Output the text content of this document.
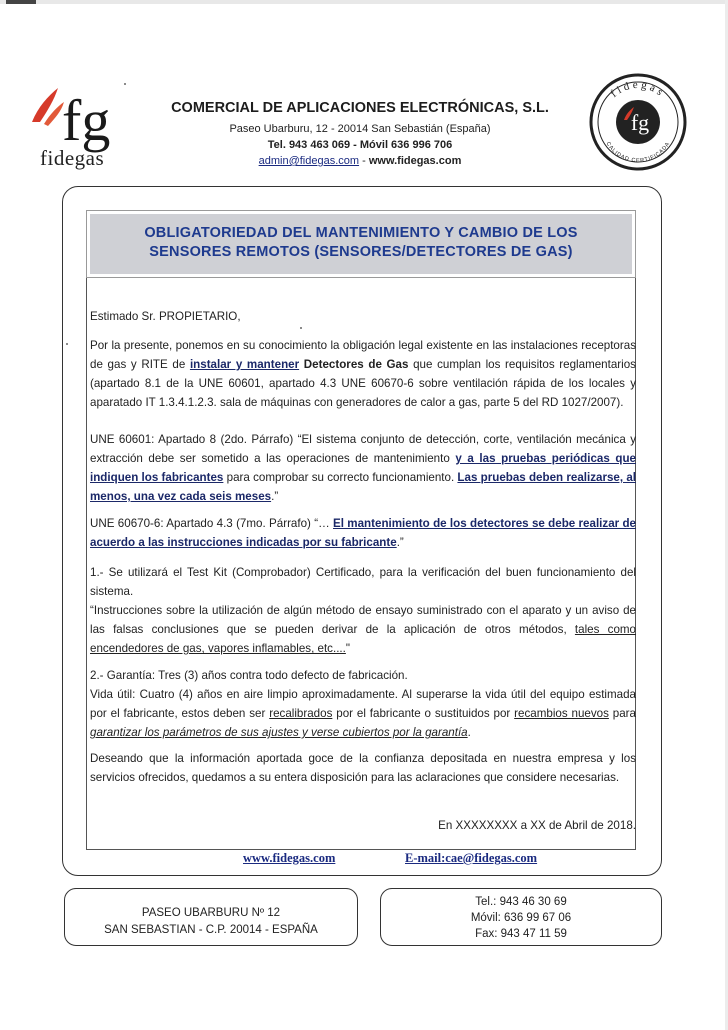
fg
fidegas
COMERCIAL DE APLICACIONES ELECTRÓNICAS, S.L.
Paseo Ubarburu, 12 - 20014 San Sebastián (España)
Tel. 943 463 069 - Móvil 636 996 706
admin@fidegas.com - www.fidegas.com
fidegas
CALIDAD CERTIFICADA
fg
OBLIGATORIEDAD DEL MANTENIMIENTO Y CAMBIO DE LOS
SENSORES REMOTOS (SENSORES/DETECTORES DE GAS)

Estimado Sr. PROPIETARIO,

Por la presente, ponemos en su conocimiento la obligación legal existente en las instalaciones receptoras de gas y RITE de instalar y mantener Detectores de Gas que cumplan los requisitos reglamentarios (apartado 8.1 de la UNE 60601, apartado 4.3 UNE 60670-6 sobre ventilación rápida de los locales y aparatado IT 1.3.4.1.2.3. sala de máquinas con generadores de calor a gas, parte 5 del RD 1027/2007).

UNE 60601: Apartado 8 (2do. Párrafo) “El sistema conjunto de detección, corte, ventilación mecánica y extracción debe ser sometido a las operaciones de mantenimiento y a las pruebas periódicas que indiquen los fabricantes para comprobar su correcto funcionamiento. Las pruebas deben realizarse, al menos, una vez cada seis meses.”

UNE 60670-6: Apartado 4.3 (7mo. Párrafo) “… El mantenimiento de los detectores se debe realizar de acuerdo a las instrucciones indicadas por su fabricante.”

1.- Se utilizará el Test Kit (Comprobador) Certificado, para la verificación del buen funcionamiento del sistema.

“Instrucciones sobre la utilización de algún método de ensayo suministrado con el aparato y un aviso de las falsas conclusiones que se pueden derivar de la aplicación de otros métodos, tales como encendedores de gas, vapores inflamables, etc...."

2.- Garantía: Tres (3) años contra todo defecto de fabricación.

Vida útil: Cuatro (4) años en aire limpio aproximadamente. Al superarse la vida útil del equipo estimada por el fabricante, estos deben ser recalibrados por el fabricante o sustituidos por recambios nuevos para garantizar los parámetros de sus ajustes y verse cubiertos por la garantía.

Deseando que la información aportada goce de la confianza depositada en nuestra empresa y los servicios ofrecidos, quedamos a su entera disposición para las aclaraciones que considere necesarias.

En XXXXXXXX a XX de Abril de 2018.

www.fidegas.com	E-mail:cae@fidegas.com
PASEO UBARBURU Nº 12
SAN SEBASTIAN - C.P. 20014 - ESPAÑA
Tel.: 943 46 30 69
Móvil: 636 99 67 06
Fax: 943 47 11 59
